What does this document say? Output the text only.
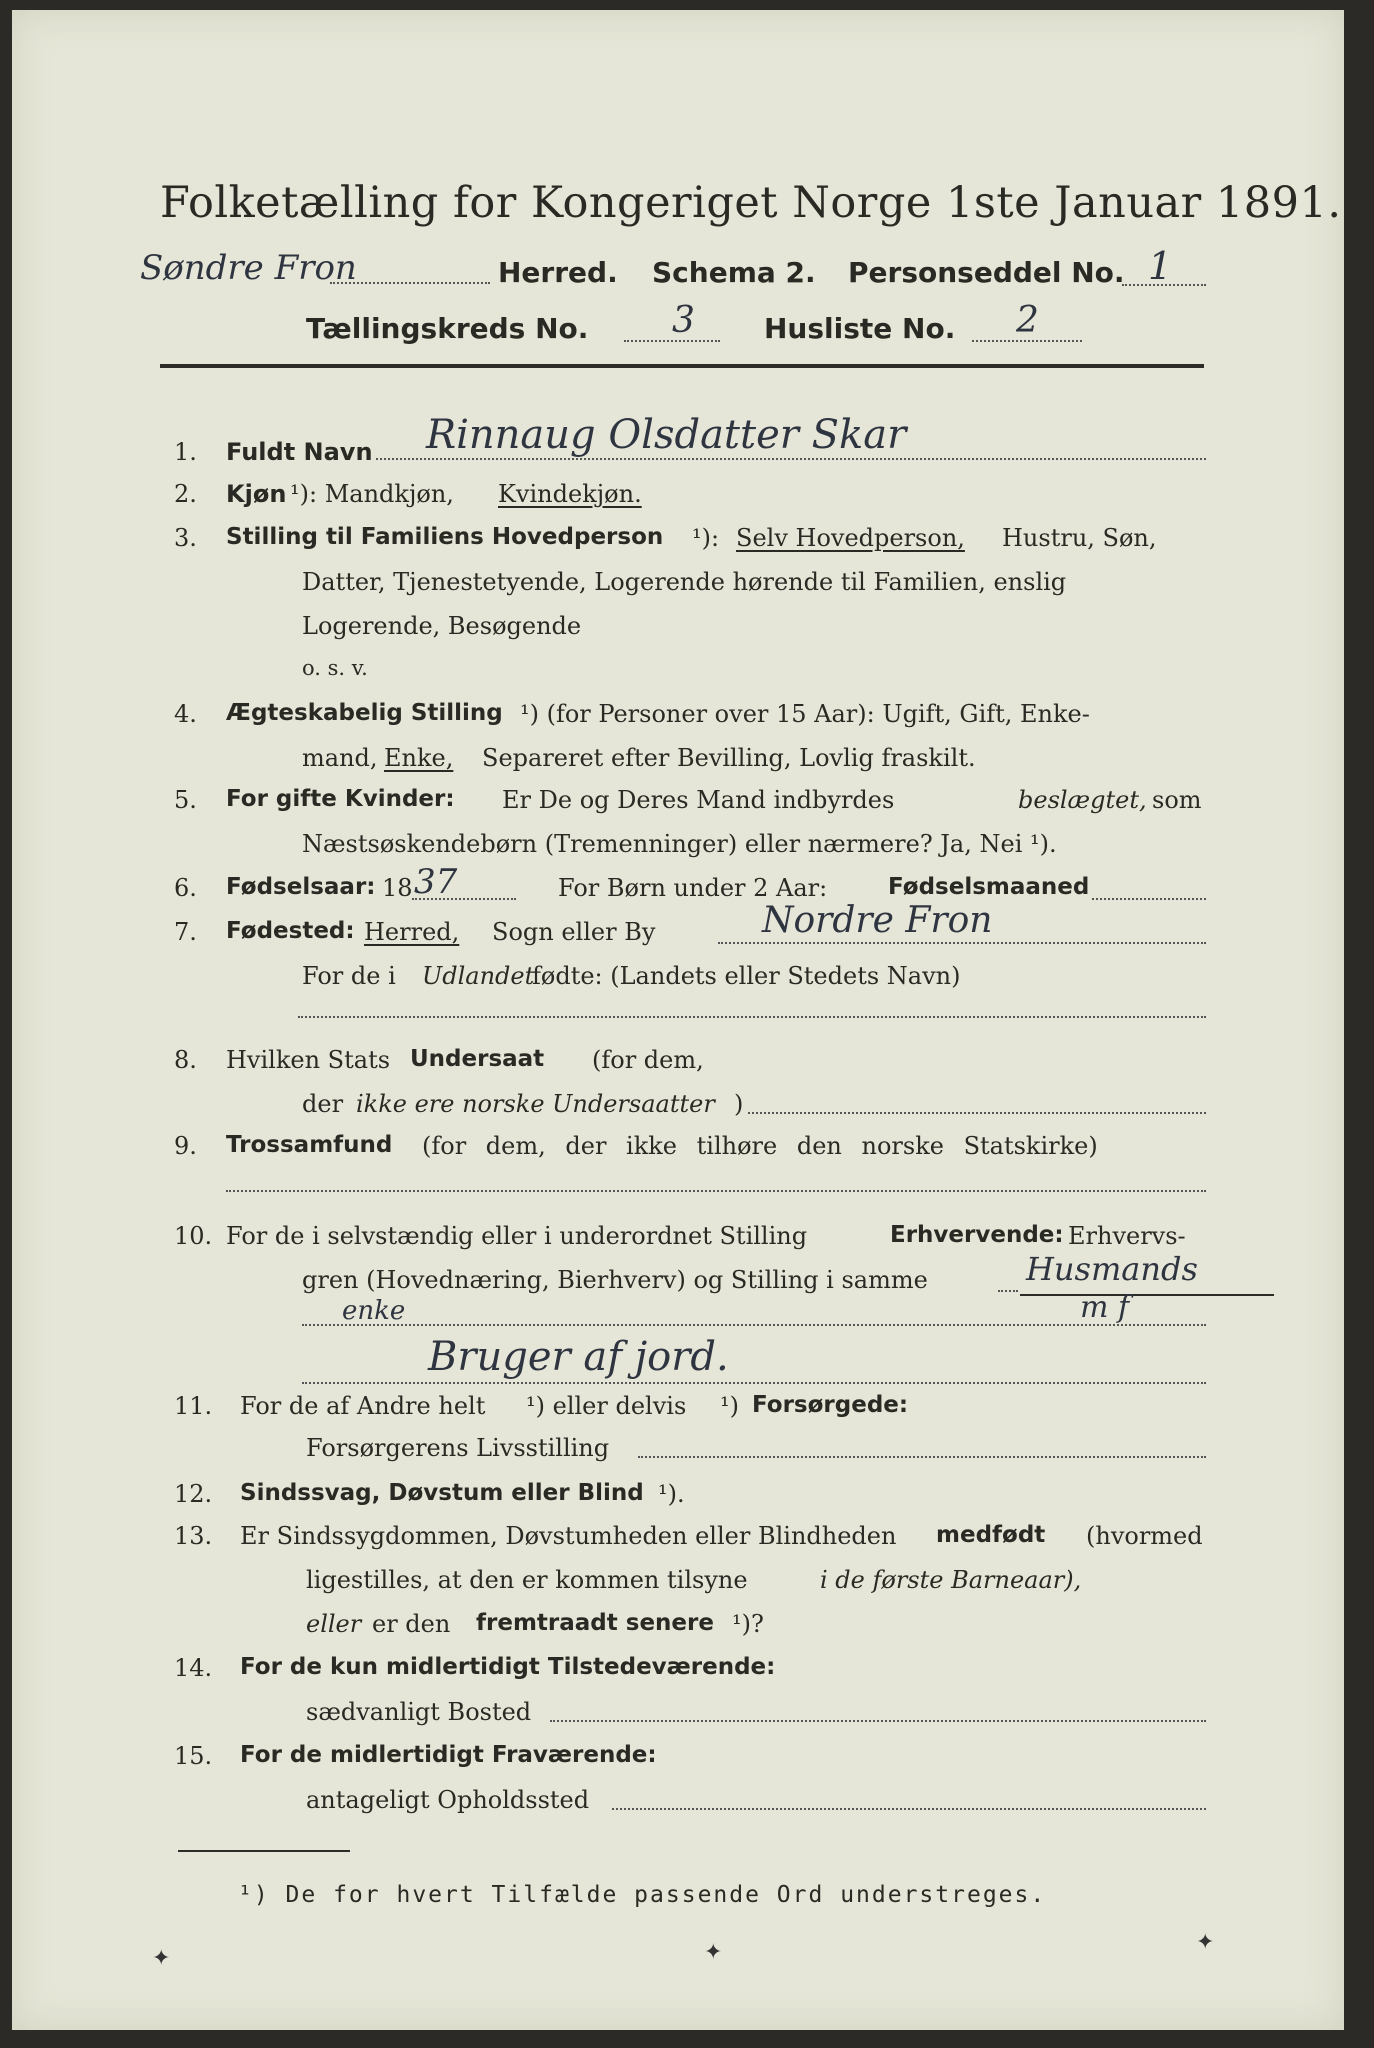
Folketælling for Kongeriget Norge 1ste Januar 1891.
Søndre Fron	Herred. Schema 2. Personseddel No. 1
Tællingskreds No. 3 Husliste No. 2
1. Fuldt Navn Rinnaug Olsdatter Skar
2. Kjøn ¹): Mandkjøn, Kvindekjøn.
3. Stilling til Familiens Hovedperson ¹): Selv Hovedperson, Hustru, Søn,
Datter, Tjenestetyende, Logerende hørende til Familien, enslig
Logerende, Besøgende
o. s. v.
4. Ægteskabelig Stilling ¹) (for Personer over 15 Aar): Ugift, Gift, Enke-
mand, Enke, Separeret efter Bevilling, Lovlig fraskilt.
5. For gifte Kvinder: Er De og Deres Mand indbyrdes	beslægtet, som
Næstsøskendebørn (Tremenninger) eller nærmere? Ja, Nei ¹).
6. Fødselsaar: 18 37	For Børn under 2 Aar:	Fødselsmaaned
7. Fødested: Herred, Sogn eller By	Nordre Fron
For de i Udlandet
fødte: (Landets eller Stedets Navn)
8. Hvilken Stats Undersaat (for dem,
der ikke ere norske Undersaatter )
9. Trossamfund (for dem, der ikke tilhøre den norske Statskirke)
10. For de i selvstændig eller i underordnet Stilling	Erhvervende: Erhvervs-
gren (Hovednæring, Bierhverv) og Stilling i samme	Husmands
enke	m f
Bruger af jord.
11. For de af Andre helt ¹) eller delvis ¹) Forsørgede:
Forsørgerens Livsstilling
12. Sindssvag, Døvstum eller Blind ¹).
13. Er Sindssygdommen, Døvstumheden eller Blindheden medfødt (hvormed
ligestilles, at den er kommen tilsyne	i de første Barneaar),
eller er den fremtraadt senere ¹)?
14. For de kun midlertidigt Tilstedeværende:
sædvanligt Bosted
15. For de midlertidigt Fraværende:
antageligt Opholdssted
¹) De for hvert Tilfælde passende Ord understreges.
✦	✦	✦
